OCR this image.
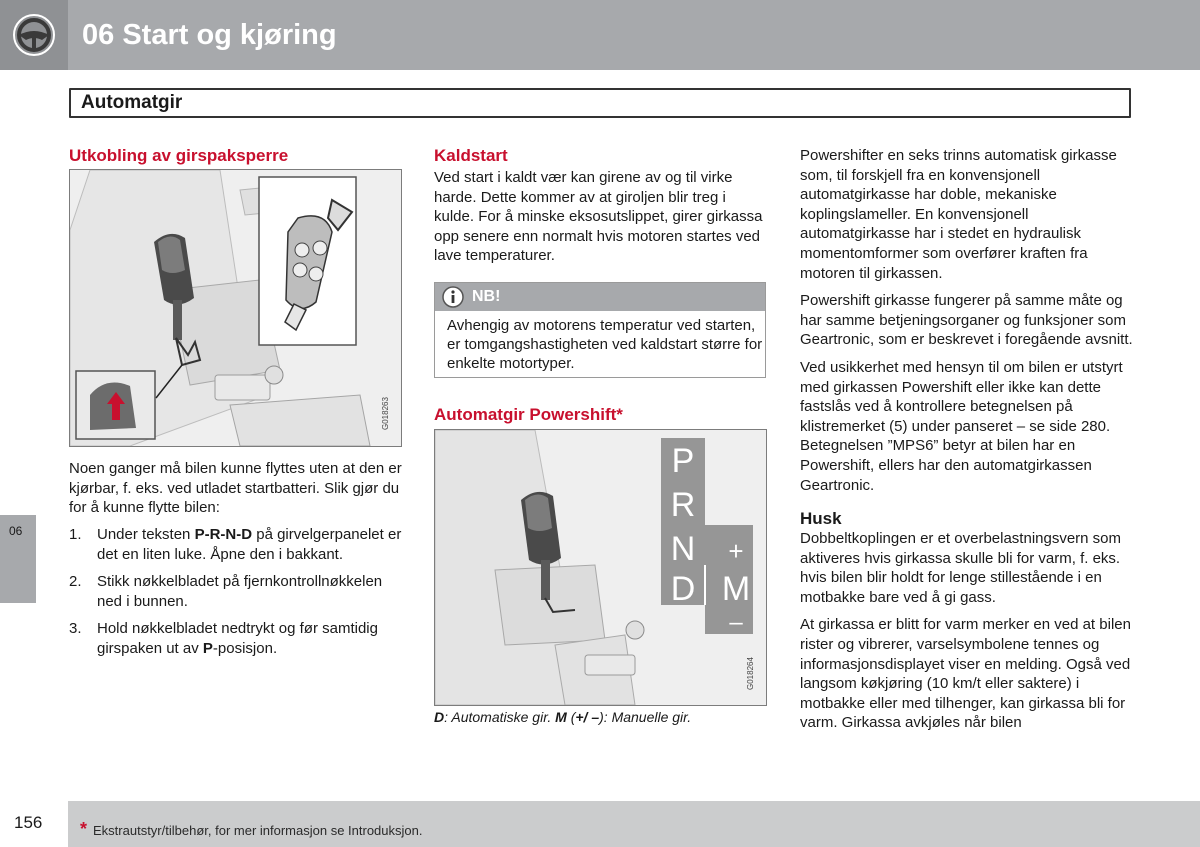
06 Start og kjøring
Automatgir
06
Utkobling av girspaksperre
G018263
Noen ganger må bilen kunne flyttes uten at den er kjørbar, f. eks. ved utladet startbatteri. Slik gjør du for å kunne flytte bilen:
1. Under teksten P-R-N-D på girvelgerpanelet er det en liten luke. Åpne den i bakkant.
2. Stikk nøkkelbladet på fjernkontrollnøkkelen ned i bunnen.
3. Hold nøkkelbladet nedtrykt og før samtidig girspaken ut av P-posisjon.
Kaldstart
Ved start i kaldt vær kan girene av og til virke harde. Dette kommer av at giroljen blir treg i kulde. For å minske eksosutslippet, girer girkassa opp senere enn normalt hvis motoren startes ved lave temperaturer.
NB!
Avhengig av motorens temperatur ved starten, er tomgangshastigheten ved kaldstart større for enkelte motortyper.
Automatgir Powershift*
P
R
N
D
+
M
–
G018264
D: Automatiske gir. M (+/ –): Manuelle gir.

Powershifter en seks trinns automatisk girkasse som, til forskjell fra en konvensjonell automatgirkasse har doble, mekaniske koplingslameller. En konvensjonell automatgirkasse har i stedet en hydraulisk momentomformer som overfører kraften fra motoren til girkassen.

Powershift girkasse fungerer på samme måte og har samme betjeningsorganer og funksjoner som Geartronic, som er beskrevet i foregående avsnitt.

Ved usikkerhet med hensyn til om bilen er utstyrt med girkassen Powershift eller ikke kan dette fastslås ved å kontrollere betegnelsen på klistremerket (5) under panseret – se side 280. Betegnelsen ”MPS6” betyr at bilen har en Powershift, ellers har den automatgirkassen Geartronic.

Husk

Dobbeltkoplingen er et overbelastningsvern som aktiveres hvis girkassa skulle bli for varm, f. eks. hvis bilen blir holdt for lenge stillestående i en motbakke bare ved å gi gass.

At girkassa er blitt for varm merker en ved at bilen rister og vibrerer, varselsymbolene tennes og informasjonsdisplayet viser en melding. Også ved langsom køkjøring (10 km/t eller saktere) i motbakke eller med tilhenger, kan girkassa bli for varm. Girkassa avkjøles når bilen

156 * Ekstrautstyr/tilbehør, for mer informasjon se Introduksjon.
